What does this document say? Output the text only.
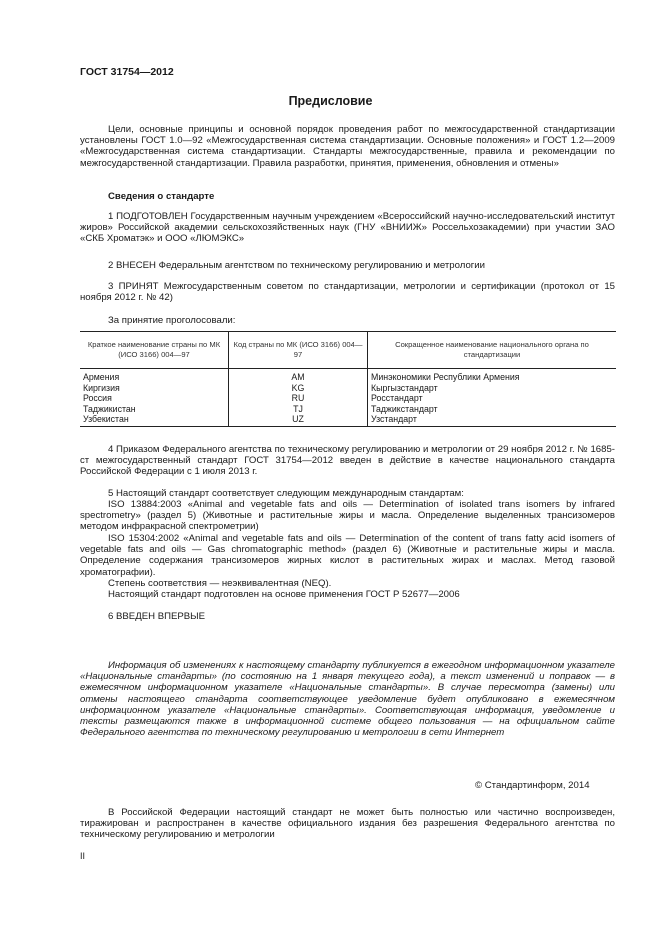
ГОСТ 31754—2012
Предисловие

Цели, основные принципы и основной порядок проведения работ по межгосударственной стандартизации установлены ГОСТ 1.0—92 «Межгосударственная система стандартизации. Основные положения» и ГОСТ 1.2—2009 «Межгосударственная система стандартизации. Стандарты межгосударственные, правила и рекомендации по межгосударственной стандартизации. Правила разработки, принятия, применения, обновления и отмены»

Сведения о стандарте

1 ПОДГОТОВЛЕН Государственным научным учреждением «Всероссийский научно-исследовательский институт жиров» Российской академии сельскохозяйственных наук (ГНУ «ВНИИЖ» Россельхозакадемии) при участии ЗАО «СКБ Хроматэк» и ООО «ЛЮМЭКС»

2 ВНЕСЕН Федеральным агентством по техническому регулированию и метрологии

3 ПРИНЯТ Межгосударственным советом по стандартизации, метрологии и сертификации (протокол от 15 ноября 2012 г. № 42)

За принятие проголосовали:
Краткое наименование страны по МК (ИСО 3166) 004—97	Код страны по МК (ИСО 3166) 004—97	Сокращенное наименование национального органа по стандартизации
Армения	AM	Минэкономики Республики Армения
Киргизия	KG	Кыргызстандарт
Россия	RU	Росстандарт
Таджикистан	TJ	Таджикстандарт
Узбекистан	UZ	Узстандарт

4 Приказом Федерального агентства по техническому регулированию и метрологии от 29 ноября 2012 г. № 1685-ст межгосударственный стандарт ГОСТ 31754—2012 введен в действие в качестве национального стандарта Российской Федерации с 1 июля 2013 г.

5 Настоящий стандарт соответствует следующим международным стандартам:

ISO 13884:2003 «Animal and vegetable fats and oils — Determination of isolated trans isomers by infrared spectrometry» (раздел 5) (Животные и растительные жиры и масла. Определение выделенных трансизомеров методом инфракрасной спектрометрии)

ISO 15304:2002 «Animal and vegetable fats and oils — Determination of the content of trans fatty acid isomers of vegetable fats and oils — Gas chromatographic method» (раздел 6) (Животные и растительные жиры и масла. Определение содержания трансизомеров жирных кислот в растительных жирах и маслах. Метод газовой хроматографии).

Степень соответствия — неэквивалентная (NEQ).

Настоящий стандарт подготовлен на основе применения ГОСТ Р 52677—2006

6 ВВЕДЕН ВПЕРВЫЕ

Информация об изменениях к настоящему стандарту публикуется в ежегодном информационном указателе «Национальные стандарты» (по состоянию на 1 января текущего года), а текст изменений и поправок — в ежемесячном информационном указателе «Национальные стандарты». В случае пересмотра (замены) или отмены настоящего стандарта соответствующее уведомление будет опубликовано в ежемесячном информационном указателе «Национальные стандарты». Соответствующая информация, уведомление и тексты размещаются также в информационной системе общего пользования — на официальном сайте Федерального агентства по техническому регулированию и метрологии в сети Интернет

© Стандартинформ, 2014

В Российской Федерации настоящий стандарт не может быть полностью или частично воспроизведен, тиражирован и распространен в качестве официального издания без разрешения Федерального агентства по техническому регулированию и метрологии

II
